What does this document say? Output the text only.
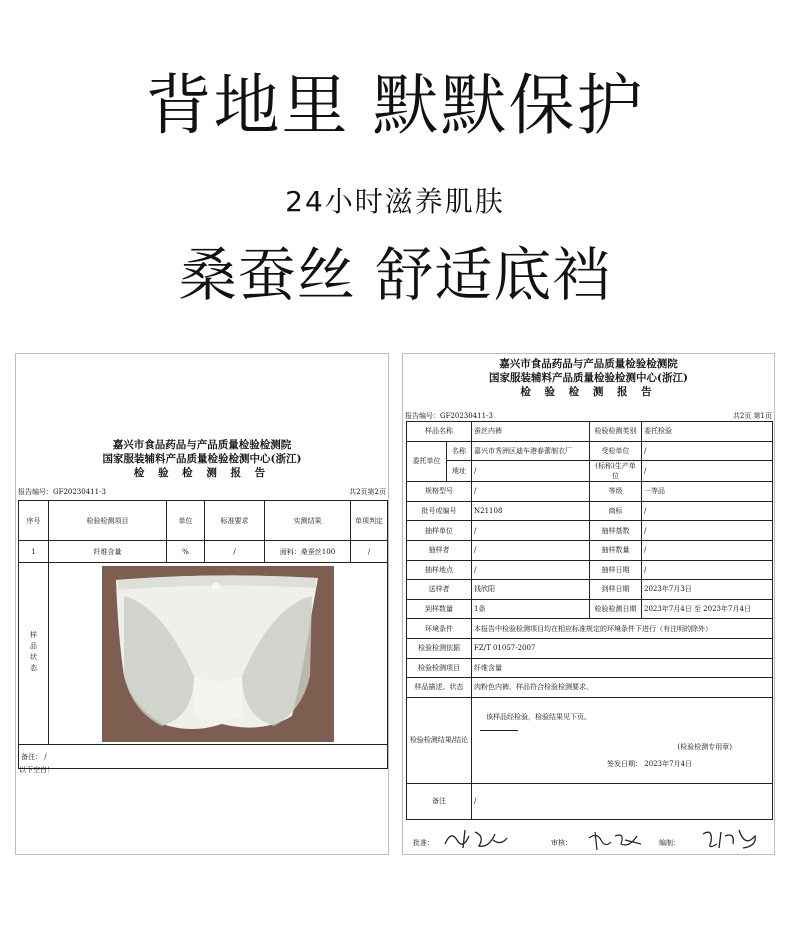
背地里 默默保护
24小时滋养肌肤
桑蚕丝 舒适底裆
嘉兴市食品药品与产品质量检验检测院
国家服装辅料产品质量检验检测中心(浙江)
检 验 检 测 报 告
报告编号：GF20230411-3	共2页第2页
序号	检验检测项目	单位	标准要求	实测结果	单项判定
1	纤维含量	%	/	面料：桑蚕丝100	/
样品状态	

备注： /					
以下空白！
嘉兴市食品药品与产品质量检验检测院
国家服装辅料产品质量检验检测中心(浙江)
检 验 检 测 报 告
报告编号：GF20230411-3	共2页 第1页
样品名称		蚕丝内裤	检验检测类别	委托检验
委托单位	名称	嘉兴市秀洲区迪车港春蕾制衣厂	受检单位	/
	地址	/	(标称)生产单位	/
规格型号		/	等级	一等品
批号或编号		N21108	商标	/
抽样单位		/	抽样基数	/
抽样者		/	抽样数量	/
抽样地点		/	抽样日期	/
送样者		钱欣阳	到样日期	2023年7月3日
到样数量		1条	检验检测日期	2023年7月4日 至 2023年7月4日
环境条件		本报告中检验检测项目均在相应标准规定的环境条件下进行（有注明的除外）		
检验检测依据		FZ/T 01057-2007		
检验检测项目		纤维含量		
样品描述、状态		肉粉色内裤，样品符合检验检测要求。		
检验检测结果/结论		该样品经检验，检验结果见下页。
(检验检测专用章)
签发日期： 2023年7月4日		

备注		/		
批准：	审核：	编制：
